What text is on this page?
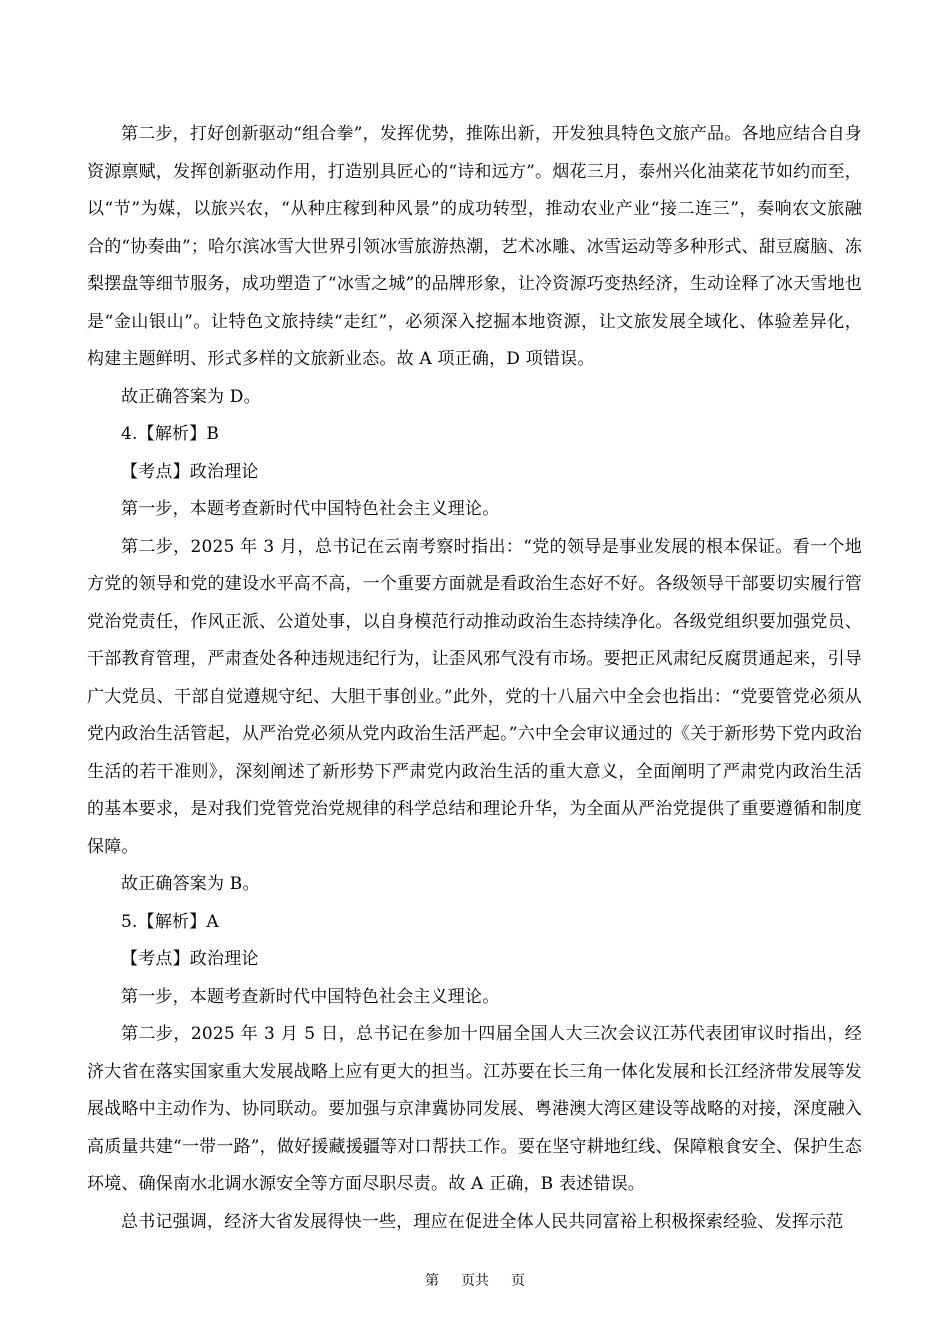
第二步，打好创新驱动“组合拳”，发挥优势，推陈出新，开发独具特色文旅产品。各地应结合自身资源禀赋，发挥创新驱动作用，打造别具匠心的“诗和远方”。烟花三月，泰州兴化油菜花节如约而至，以“节”为媒，以旅兴农，“从种庄稼到种风景”的成功转型，推动农业产业“接二连三”，奏响农文旅融合的“协奏曲”；哈尔滨冰雪大世界引领冰雪旅游热潮，艺术冰雕、冰雪运动等多种形式、甜豆腐脑、冻梨摆盘等细节服务，成功塑造了“冰雪之城”的品牌形象，让冷资源巧变热经济，生动诠释了冰天雪地也是“金山银山”。让特色文旅持续“走红”，必须深入挖掘本地资源，让文旅发展全域化、体验差异化，构建主题鲜明、形式多样的文旅新业态。故 A 项正确，D 项错误。

故正确答案为 D。

4.【解析】B

【考点】政治理论

第一步，本题考查新时代中国特色社会主义理论。

第二步，2025 年 3 月，总书记在云南考察时指出：“党的领导是事业发展的根本保证。看一个地方党的领导和党的建设水平高不高，一个重要方面就是看政治生态好不好。各级领导干部要切实履行管党治党责任，作风正派、公道处事，以自身模范行动推动政治生态持续净化。各级党组织要加强党员、干部教育管理，严肃查处各种违规违纪行为，让歪风邪气没有市场。要把正风肃纪反腐贯通起来，引导广大党员、干部自觉遵规守纪、大胆干事创业。”此外，党的十八届六中全会也指出：“党要管党必须从党内政治生活管起，从严治党必须从党内政治生活严起。”六中全会审议通过的《关于新形势下党内政治生活的若干准则》，深刻阐述了新形势下严肃党内政治生活的重大意义，全面阐明了严肃党内政治生活的基本要求，是对我们党管党治党规律的科学总结和理论升华，为全面从严治党提供了重要遵循和制度保障。

故正确答案为 B。

5.【解析】A

【考点】政治理论

第一步，本题考查新时代中国特色社会主义理论。

第二步，2025 年 3 月 5 日，总书记在参加十四届全国人大三次会议江苏代表团审议时指出，经济大省在落实国家重大发展战略上应有更大的担当。江苏要在长三角一体化发展和长江经济带发展等发展战略中主动作为、协同联动。要加强与京津冀协同发展、粤港澳大湾区建设等战略的对接，深度融入高质量共建“一带一路”，做好援藏援疆等对口帮扶工作。要在坚守耕地红线、保障粮食安全、保护生态环境、确保南水北调水源安全等方面尽职尽责。故 A 正确，B 表述错误。

总书记强调，经济大省发展得快一些，理应在促进全体人民共同富裕上积极探索经验、发挥示范

第 页共 页
